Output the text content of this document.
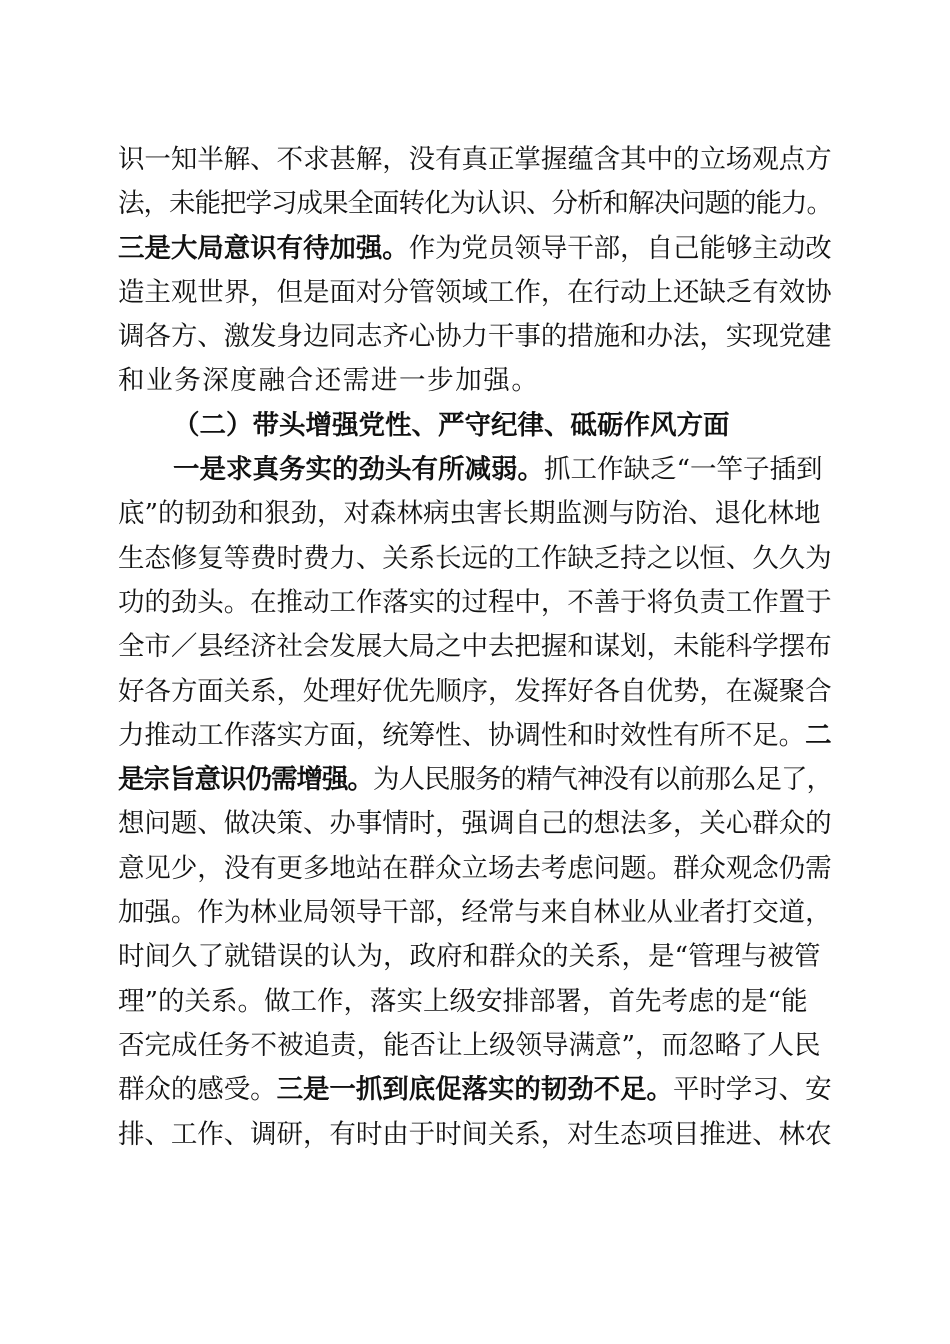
识一知半解、不求甚解，没有真正掌握蕴含其中的立场观点方
法，未能把学习成果全面转化为认识、分析和解决问题的能力。
三是大局意识有待加强。作为党员领导干部，自己能够主动改
造主观世界，但是面对分管领域工作，在行动上还缺乏有效协
调各方、激发身边同志齐心协力干事的措施和办法，实现党建
和业务深度融合还需进一步加强。
（二）带头增强党性、严守纪律、砥砺作风方面
一是求真务实的劲头有所减弱。抓工作缺乏“一竿子插到
底”的韧劲和狠劲，对森林病虫害长期监测与防治、退化林地
生态修复等费时费力、关系长远的工作缺乏持之以恒、久久为
功的劲头。在推动工作落实的过程中，不善于将负责工作置于
全市／县经济社会发展大局之中去把握和谋划，未能科学摆布
好各方面关系，处理好优先顺序，发挥好各自优势，在凝聚合
力推动工作落实方面，统筹性、协调性和时效性有所不足。二
是宗旨意识仍需增强。为人民服务的精气神没有以前那么足了，
想问题、做决策、办事情时，强调自己的想法多，关心群众的
意见少，没有更多地站在群众立场去考虑问题。群众观念仍需
加强。作为林业局领导干部，经常与来自林业从业者打交道，
时间久了就错误的认为，政府和群众的关系，是“管理与被管
理”的关系。做工作，落实上级安排部署，首先考虑的是“能
否完成任务不被追责，能否让上级领导满意”，而忽略了人民
群众的感受。三是一抓到底促落实的韧劲不足。平时学习、安
排、工作、调研，有时由于时间关系，对生态项目推进、林农
